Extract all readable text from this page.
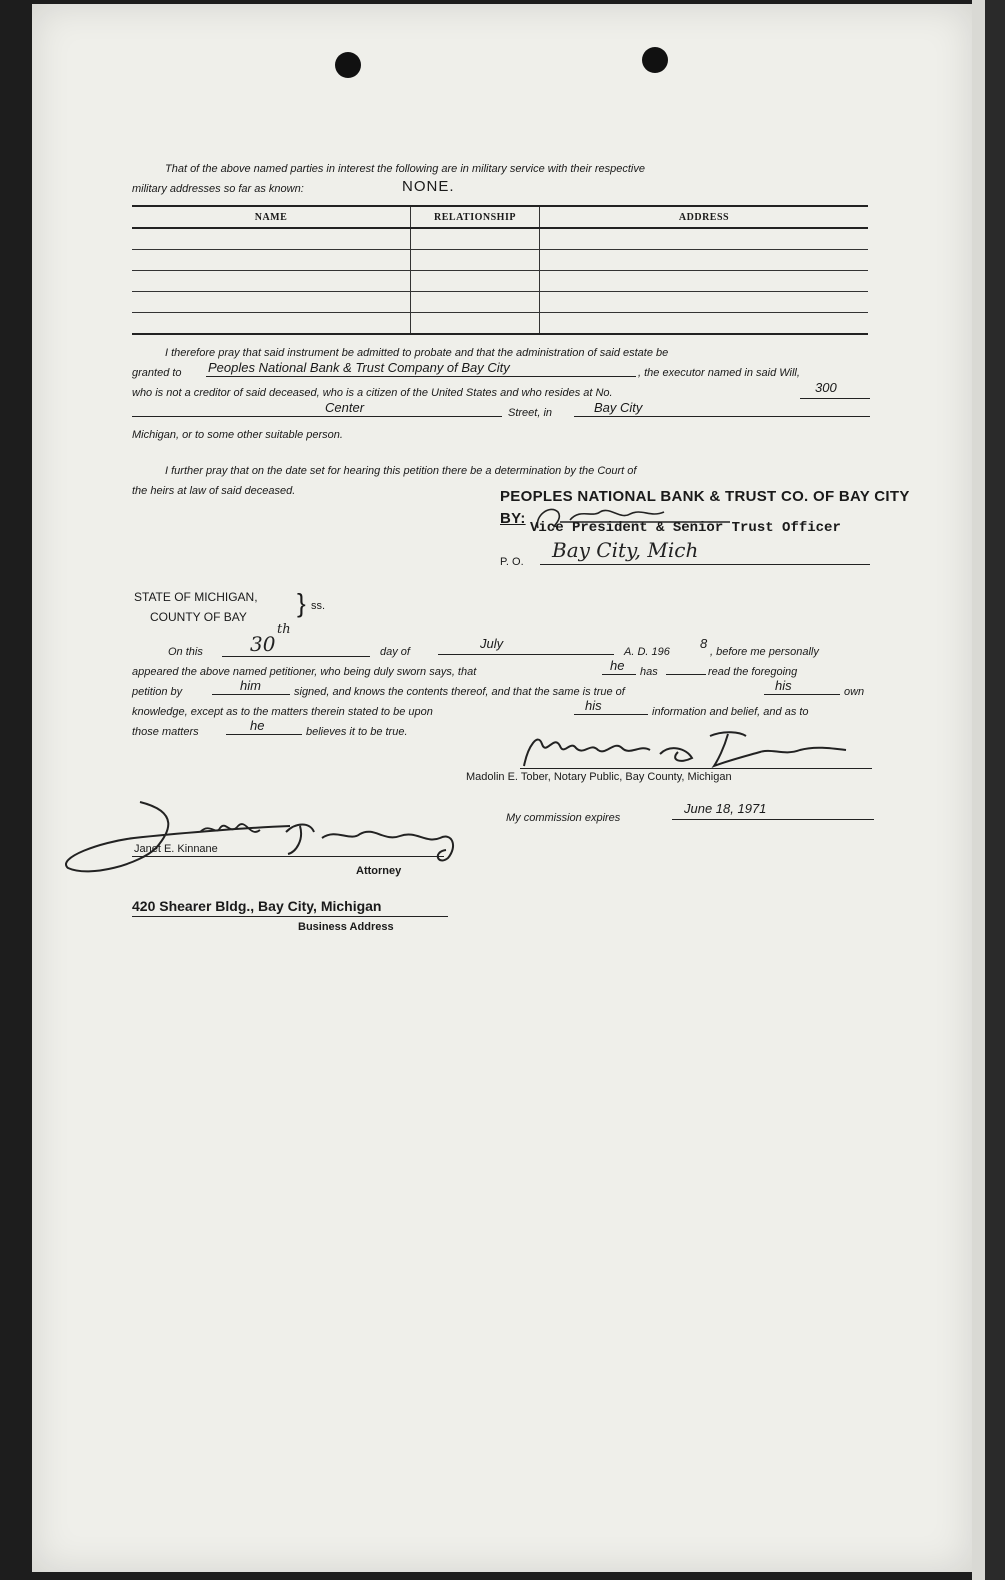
That of the above named parties in interest the following are in military service with their respective
military addresses so far as known:	NONE.
NAME	RELATIONSHIP	ADDRESS

I therefore pray that said instrument be admitted to probate and that the administration of said estate be
granted to Peoples National Bank & Trust Company of Bay City	, the executor named in said Will,
who is not a creditor of said deceased, who is a citizen of the United States and who resides at No.	300
Center	Street, in	Bay City
Michigan, or to some other suitable person.
I further pray that on the date set for hearing this petition there be a determination by the Court of
the heirs at law of said deceased.	PEOPLES NATIONAL BANK & TRUST CO. OF BAY CITY
BY:
Vice President & Senior Trust Officer
P. O. Bay City, Mich
STATE OF MICHIGAN,
COUNTY OF BAY } ss.
On this 30
th
day of
July
A. D. 196
8
, before me personally
appeared the above named petitioner, who being duly sworn says, that	he has	read the foregoing
petition by	him	signed, and knows the contents thereof, and that the same is true of	his	own
knowledge, except as to the matters therein stated to be upon	his	information and belief, and as to
those matters	he	believes it to be true.
Madolin E. Tober, Notary Public, Bay County, Michigan
My commission expires
June 18, 1971
Janet E. Kinnane
Attorney
420 Shearer Bldg., Bay City, Michigan
Business Address
